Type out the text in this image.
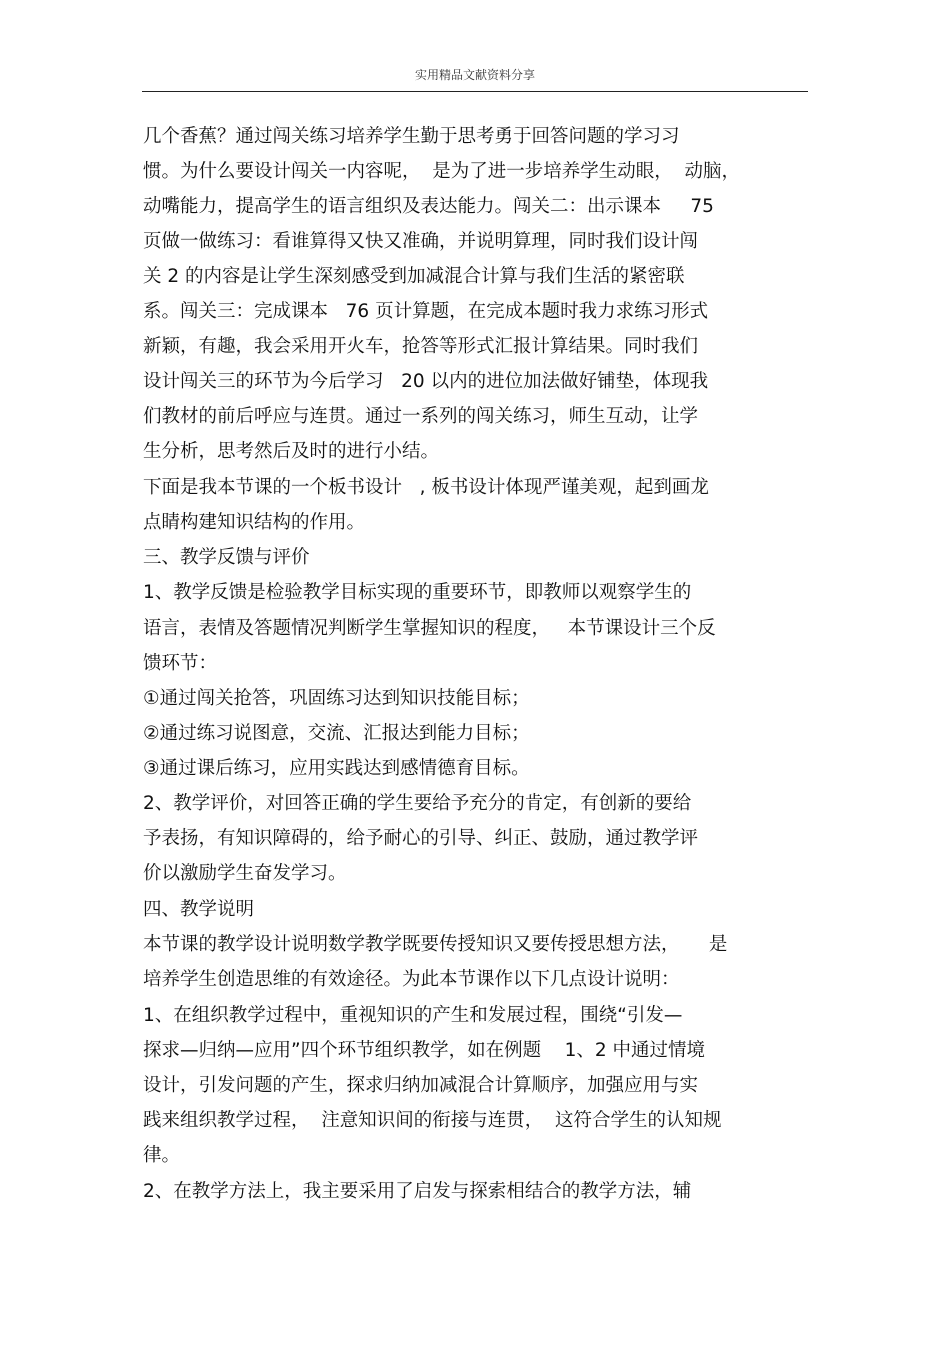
实用精品文献资料分享
几个香蕉？通过闯关练习培养学生勤于思考勇于回答问题的学习习
惯。为什么要设计闯关一内容呢，  是为了进一步培养学生动眼，  动脑，
动嘴能力，提高学生的语言组织及表达能力。闯关二：出示课本     75
页做一做练习：看谁算得又快又准确，并说明算理，同时我们设计闯
关 2 的内容是让学生深刻感受到加减混合计算与我们生活的紧密联
系。闯关三：完成课本   76 页计算题，在完成本题时我力求练习形式
新颖，有趣，我会采用开火车，抢答等形式汇报计算结果。同时我们
设计闯关三的环节为今后学习   20 以内的进位加法做好铺垫，体现我
们教材的前后呼应与连贯。通过一系列的闯关练习，师生互动，让学
生分析，思考然后及时的进行小结。
下面是我本节课的一个板书设计   , 板书设计体现严谨美观，起到画龙
点睛构建知识结构的作用。
三、教学反馈与评价
1、教学反馈是检验教学目标实现的重要环节，即教师以观察学生的
语言，表情及答题情况判断学生掌握知识的程度，   本节课设计三个反
馈环节：
①通过闯关抢答，巩固练习达到知识技能目标；
②通过练习说图意，交流、汇报达到能力目标；
③通过课后练习，应用实践达到感情德育目标。
2、教学评价，对回答正确的学生要给予充分的肯定，有创新的要给
予表扬，有知识障碍的，给予耐心的引导、纠正、鼓励，通过教学评
价以激励学生奋发学习。
四、教学说明
本节课的教学设计说明数学教学既要传授知识又要传授思想方法，     是
培养学生创造思维的有效途径。为此本节课作以下几点设计说明：
1、在组织教学过程中，重视知识的产生和发展过程，围绕“引发—
探求—归纳—应用”四个环节组织教学，如在例题    1、2 中通过情境
设计，引发问题的产生，探求归纳加减混合计算顺序，加强应用与实
践来组织教学过程，  注意知识间的衔接与连贯，  这符合学生的认知规
律。
2、在教学方法上，我主要采用了启发与探索相结合的教学方法，辅
